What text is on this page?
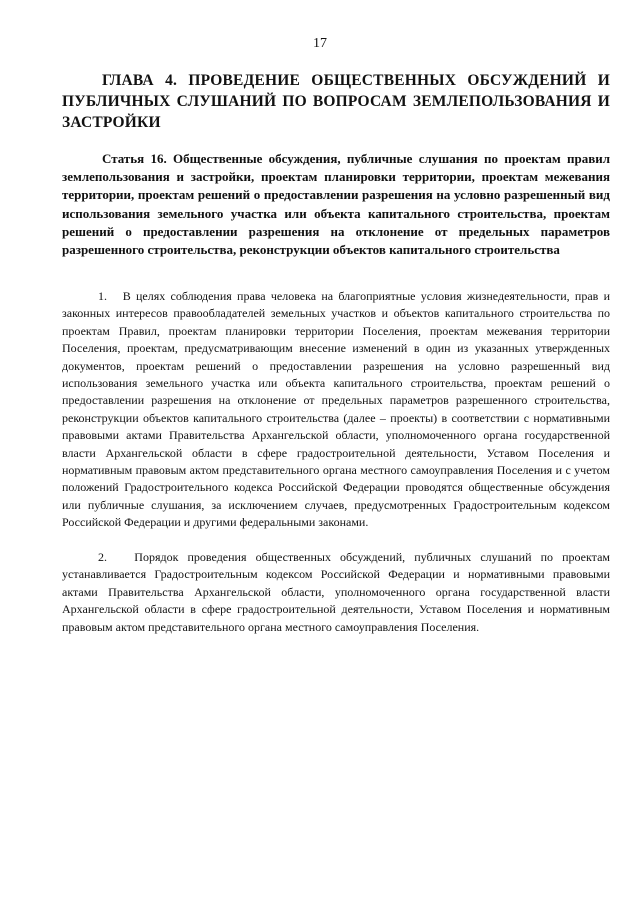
17
ГЛАВА 4. ПРОВЕДЕНИЕ ОБЩЕСТВЕННЫХ ОБСУЖДЕНИЙ И ПУБЛИЧНЫХ СЛУШАНИЙ ПО ВОПРОСАМ ЗЕМЛЕПОЛЬЗОВАНИЯ И ЗАСТРОЙКИ
Статья 16. Общественные обсуждения, публичные слушания по проектам правил землепользования и застройки, проектам планировки территории, проектам межевания территории, проектам решений о предоставлении разрешения на условно разрешенный вид использования земельного участка или объекта капитального строительства, проектам решений о предоставлении разрешения на отклонение от предельных параметров разрешенного строительства, реконструкции объектов капитального строительства

1. В целях соблюдения права человека на благоприятные условия жизнедеятельности, прав и законных интересов правообладателей земельных участков и объектов капитального строительства по проектам Правил, проектам планировки территории Поселения, проектам межевания территории Поселения, проектам, предусматривающим внесение изменений в один из указанных утвержденных документов, проектам решений о предоставлении разрешения на условно разрешенный вид использования земельного участка или объекта капитального строительства, проектам решений о предоставлении разрешения на отклонение от предельных параметров разрешенного строительства, реконструкции объектов капитального строительства (далее – проекты) в соответствии с нормативными правовыми актами Правительства Архангельской области, уполномоченного органа государственной власти Архангельской области в сфере градостроительной деятельности, Уставом Поселения и нормативным правовым актом представительного органа местного самоуправления Поселения и с учетом положений Градостроительного кодекса Российской Федерации проводятся общественные обсуждения или публичные слушания, за исключением случаев, предусмотренных Градостроительным кодексом Российской Федерации и другими федеральными законами.

2. Порядок проведения общественных обсуждений, публичных слушаний по проектам устанавливается Градостроительным кодексом Российской Федерации и нормативными правовыми актами Правительства Архангельской области, уполномоченного органа государственной власти Архангельской области в сфере градостроительной деятельности, Уставом Поселения и нормативным правовым актом представительного органа местного самоуправления Поселения.
